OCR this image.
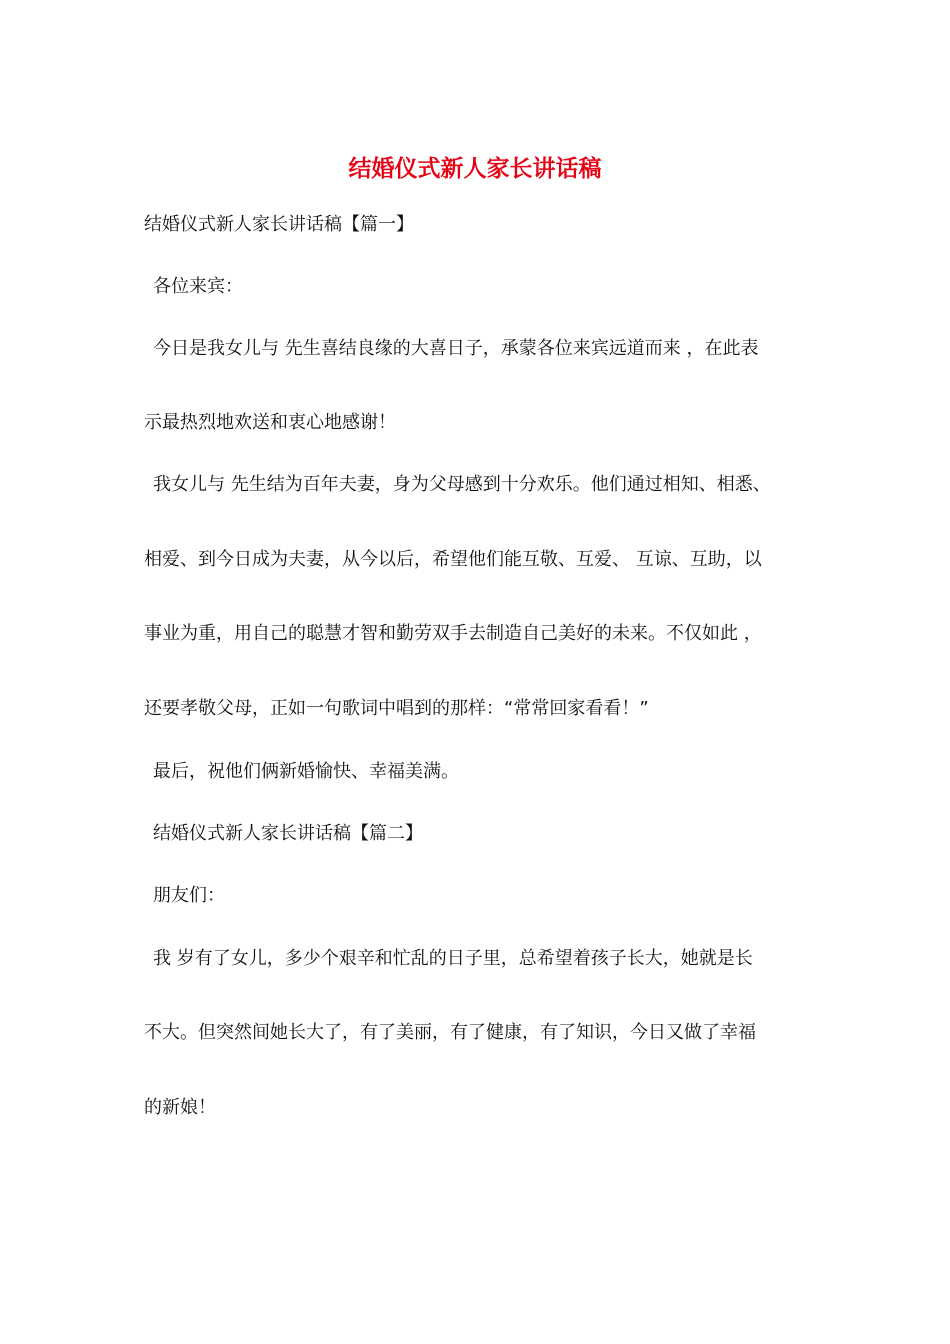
结婚仪式新人家长讲话稿
结婚仪式新人家长讲话稿【篇一】
各位来宾：
今日是我女儿与 先生喜结良缘的大喜日子，承蒙各位来宾远道而来 ，在此表
示最热烈地欢送和衷心地感谢！
我女儿与 先生结为百年夫妻，身为父母感到十分欢乐。他们通过相知、相悉、
相爱、到今日成为夫妻，从今以后，希望他们能互敬、互爱、 互谅、互助，以
事业为重，用自己的聪慧才智和勤劳双手去制造自己美好的未来。不仅如此 ，
还要孝敬父母，正如一句歌词中唱到的那样：“常常回家看看！”
最后，祝他们俩新婚愉快、幸福美满。
结婚仪式新人家长讲话稿【篇二】
朋友们：
我 岁有了女儿，多少个艰辛和忙乱的日子里，总希望着孩子长大，她就是长
不大。但突然间她长大了，有了美丽，有了健康，有了知识，今日又做了幸福
的新娘！
